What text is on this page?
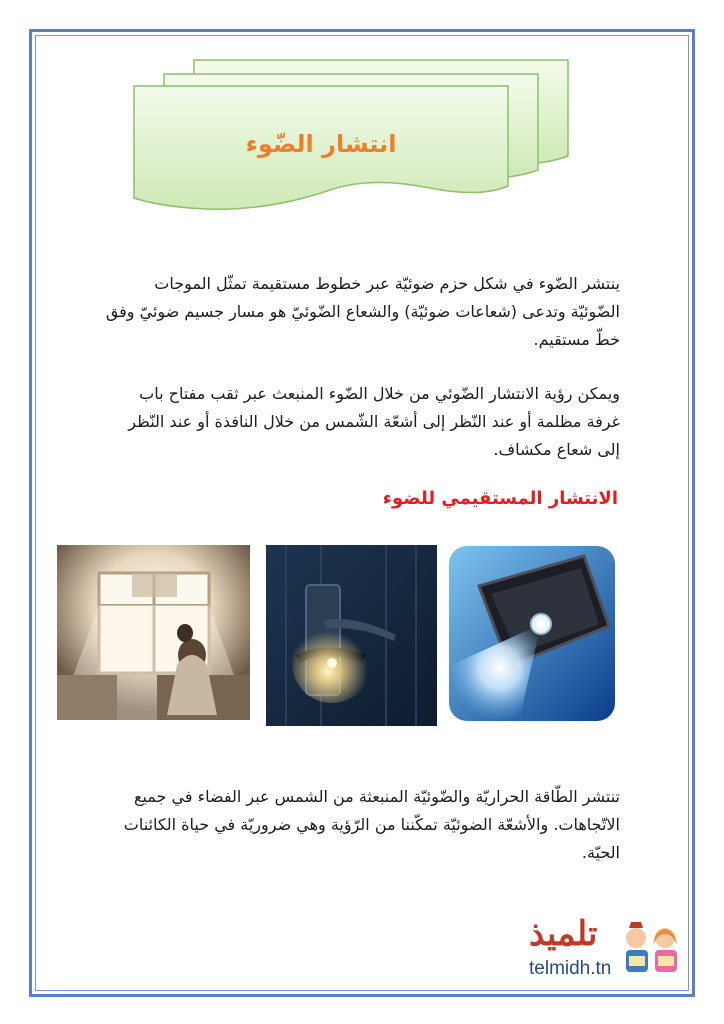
انتشار الضّوء
ينتشر الضّوء في شكل حزم ضوئيّة عبر خطوط مستقيمة تمثّل الموجات الضّوئيّة وتدعى (شعاعات ضوئيّة) والشعاع الضّوئيّ هو مسار جسيم ضوئيّ وفق خطّ مستقيم.
ويمكن رؤية الانتشار الضّوئي من خلال الضّوء المنبعث عبر ثقب مفتاح باب غرفة مظلمة أو عند النّظر إلى أشعّة الشّمس من خلال النافذة أو عند النّظر إلى شعاع مكشاف.
الانتشار المستقيمي للضوء
تنتشر الطّاقة الحراريّة والضّوئيّة المنبعثة من الشمس عبر الفضاء في جميع الاتّجاهات. والأشعّة الضوئيّة تمكّننا من الرّؤية وهي ضروريّة في حياة الكائنات الحيّة.
تلميذ
telmidh.tn
